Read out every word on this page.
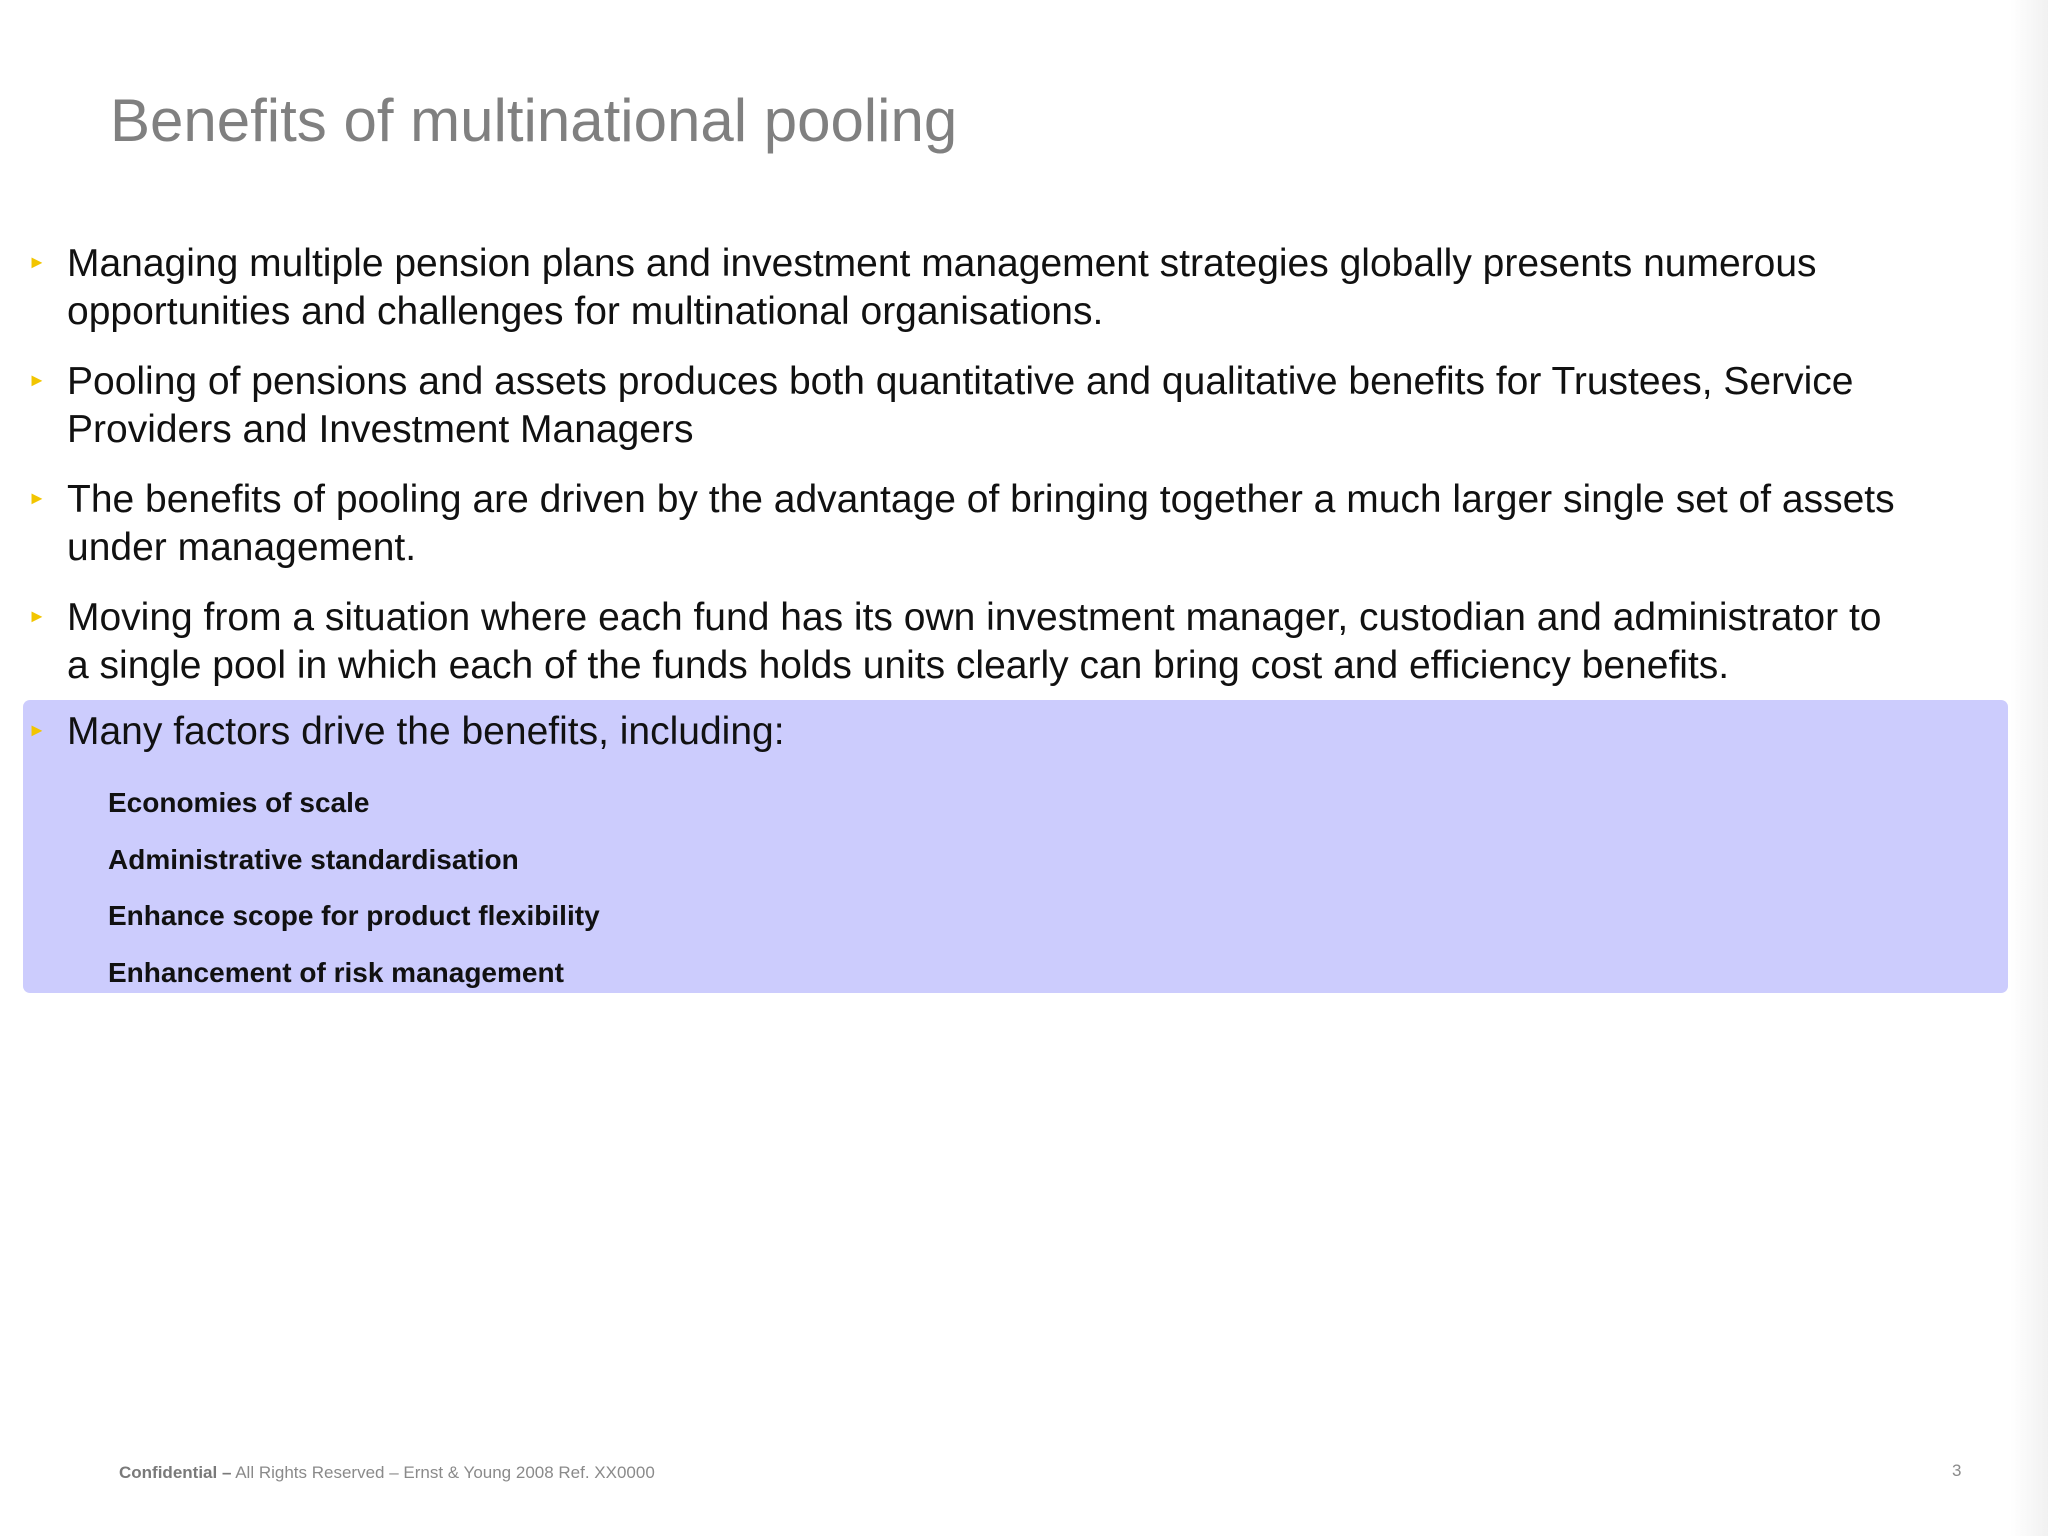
Benefits of multinational pooling
► Managing multiple pension plans and investment management strategies globally presents numerous opportunities and challenges for multinational organisations.
► Pooling of pensions and assets produces both quantitative and qualitative benefits for Trustees, Service Providers and Investment Managers
► The benefits of pooling are driven by the advantage of bringing together a much larger single set of assets under management.
► Moving from a situation where each fund has its own investment manager, custodian and administrator to a single pool in which each of the funds holds units clearly can bring cost and efficiency benefits.
► Many factors drive the benefits, including:
Economies of scale
Administrative standardisation
Enhance scope for product flexibility
Enhancement of risk management
Confidential – All Rights Reserved – Ernst & Young 2008 Ref. XX0000	3
